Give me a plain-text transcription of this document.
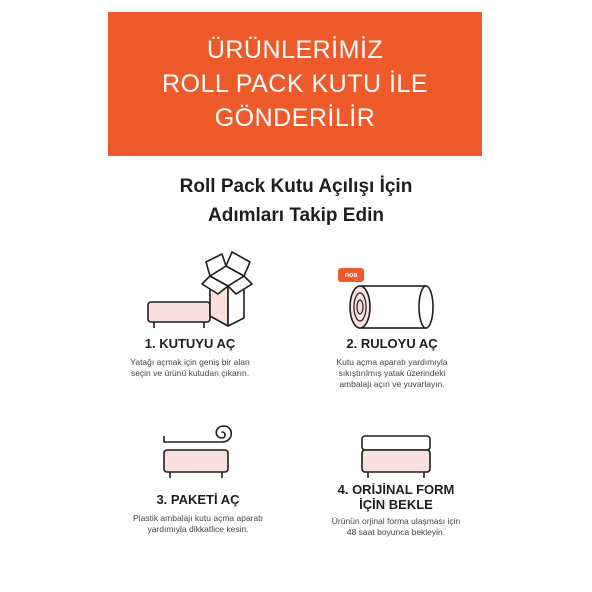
ÜRÜNLERİMİZ
ROLL PACK KUTU İLE
GÖNDERİLİR
Roll Pack Kutu Açılışı İçin
Adımları Takip Edin
noa
1. KUTUYU AÇ
Yatağı açmak için geniş bir alan
seçin ve ürünü kutudan çıkarın.
2. RULOYU AÇ
Kutu açma aparatı yardımıyla
sıkıştırılmış yatak üzerindeki
ambalajı açın ve yuvarlayın.
3. PAKETİ AÇ
Plastik ambalajı kutu açma aparatı
yardımıyla dikkatlice kesin.
4. ORİJİNAL FORM
İÇİN BEKLE
Ürünün orjinal forma ulaşması için
48 saat boyunca bekleyin.
